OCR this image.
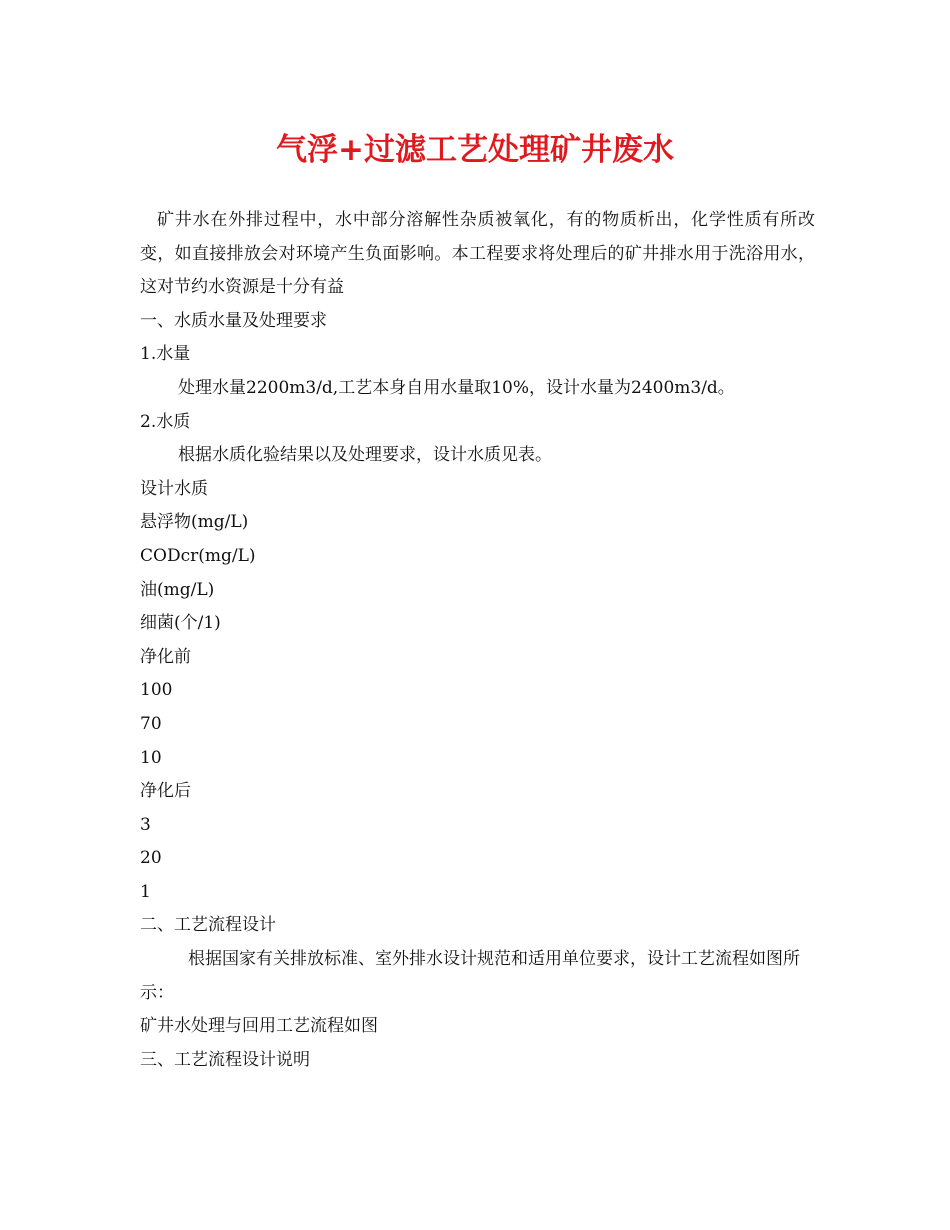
气浮+过滤工艺处理矿井废水

矿井水在外排过程中，水中部分溶解性杂质被氧化，有的物质析出，化学性质有所改变，如直接排放会对环境产生负面影响。本工程要求将处理后的矿井排水用于洗浴用水，这对节约水资源是十分有益

一、水质水量及处理要求

1.水量

处理水量2200m3/d,工艺本身自用水量取10%，设计水量为2400m3/d。

2.水质

根据水质化验结果以及处理要求，设计水质见表。

设计水质

悬浮物(mg/L)

CODcr(mg/L)

油(mg/L)

细菌(个/1)

净化前

100

70

10

净化后

3

20

1

二、工艺流程设计

根据国家有关排放标准、室外排水设计规范和适用单位要求，设计工艺流程如图所示：

矿井水处理与回用工艺流程如图

三、工艺流程设计说明
